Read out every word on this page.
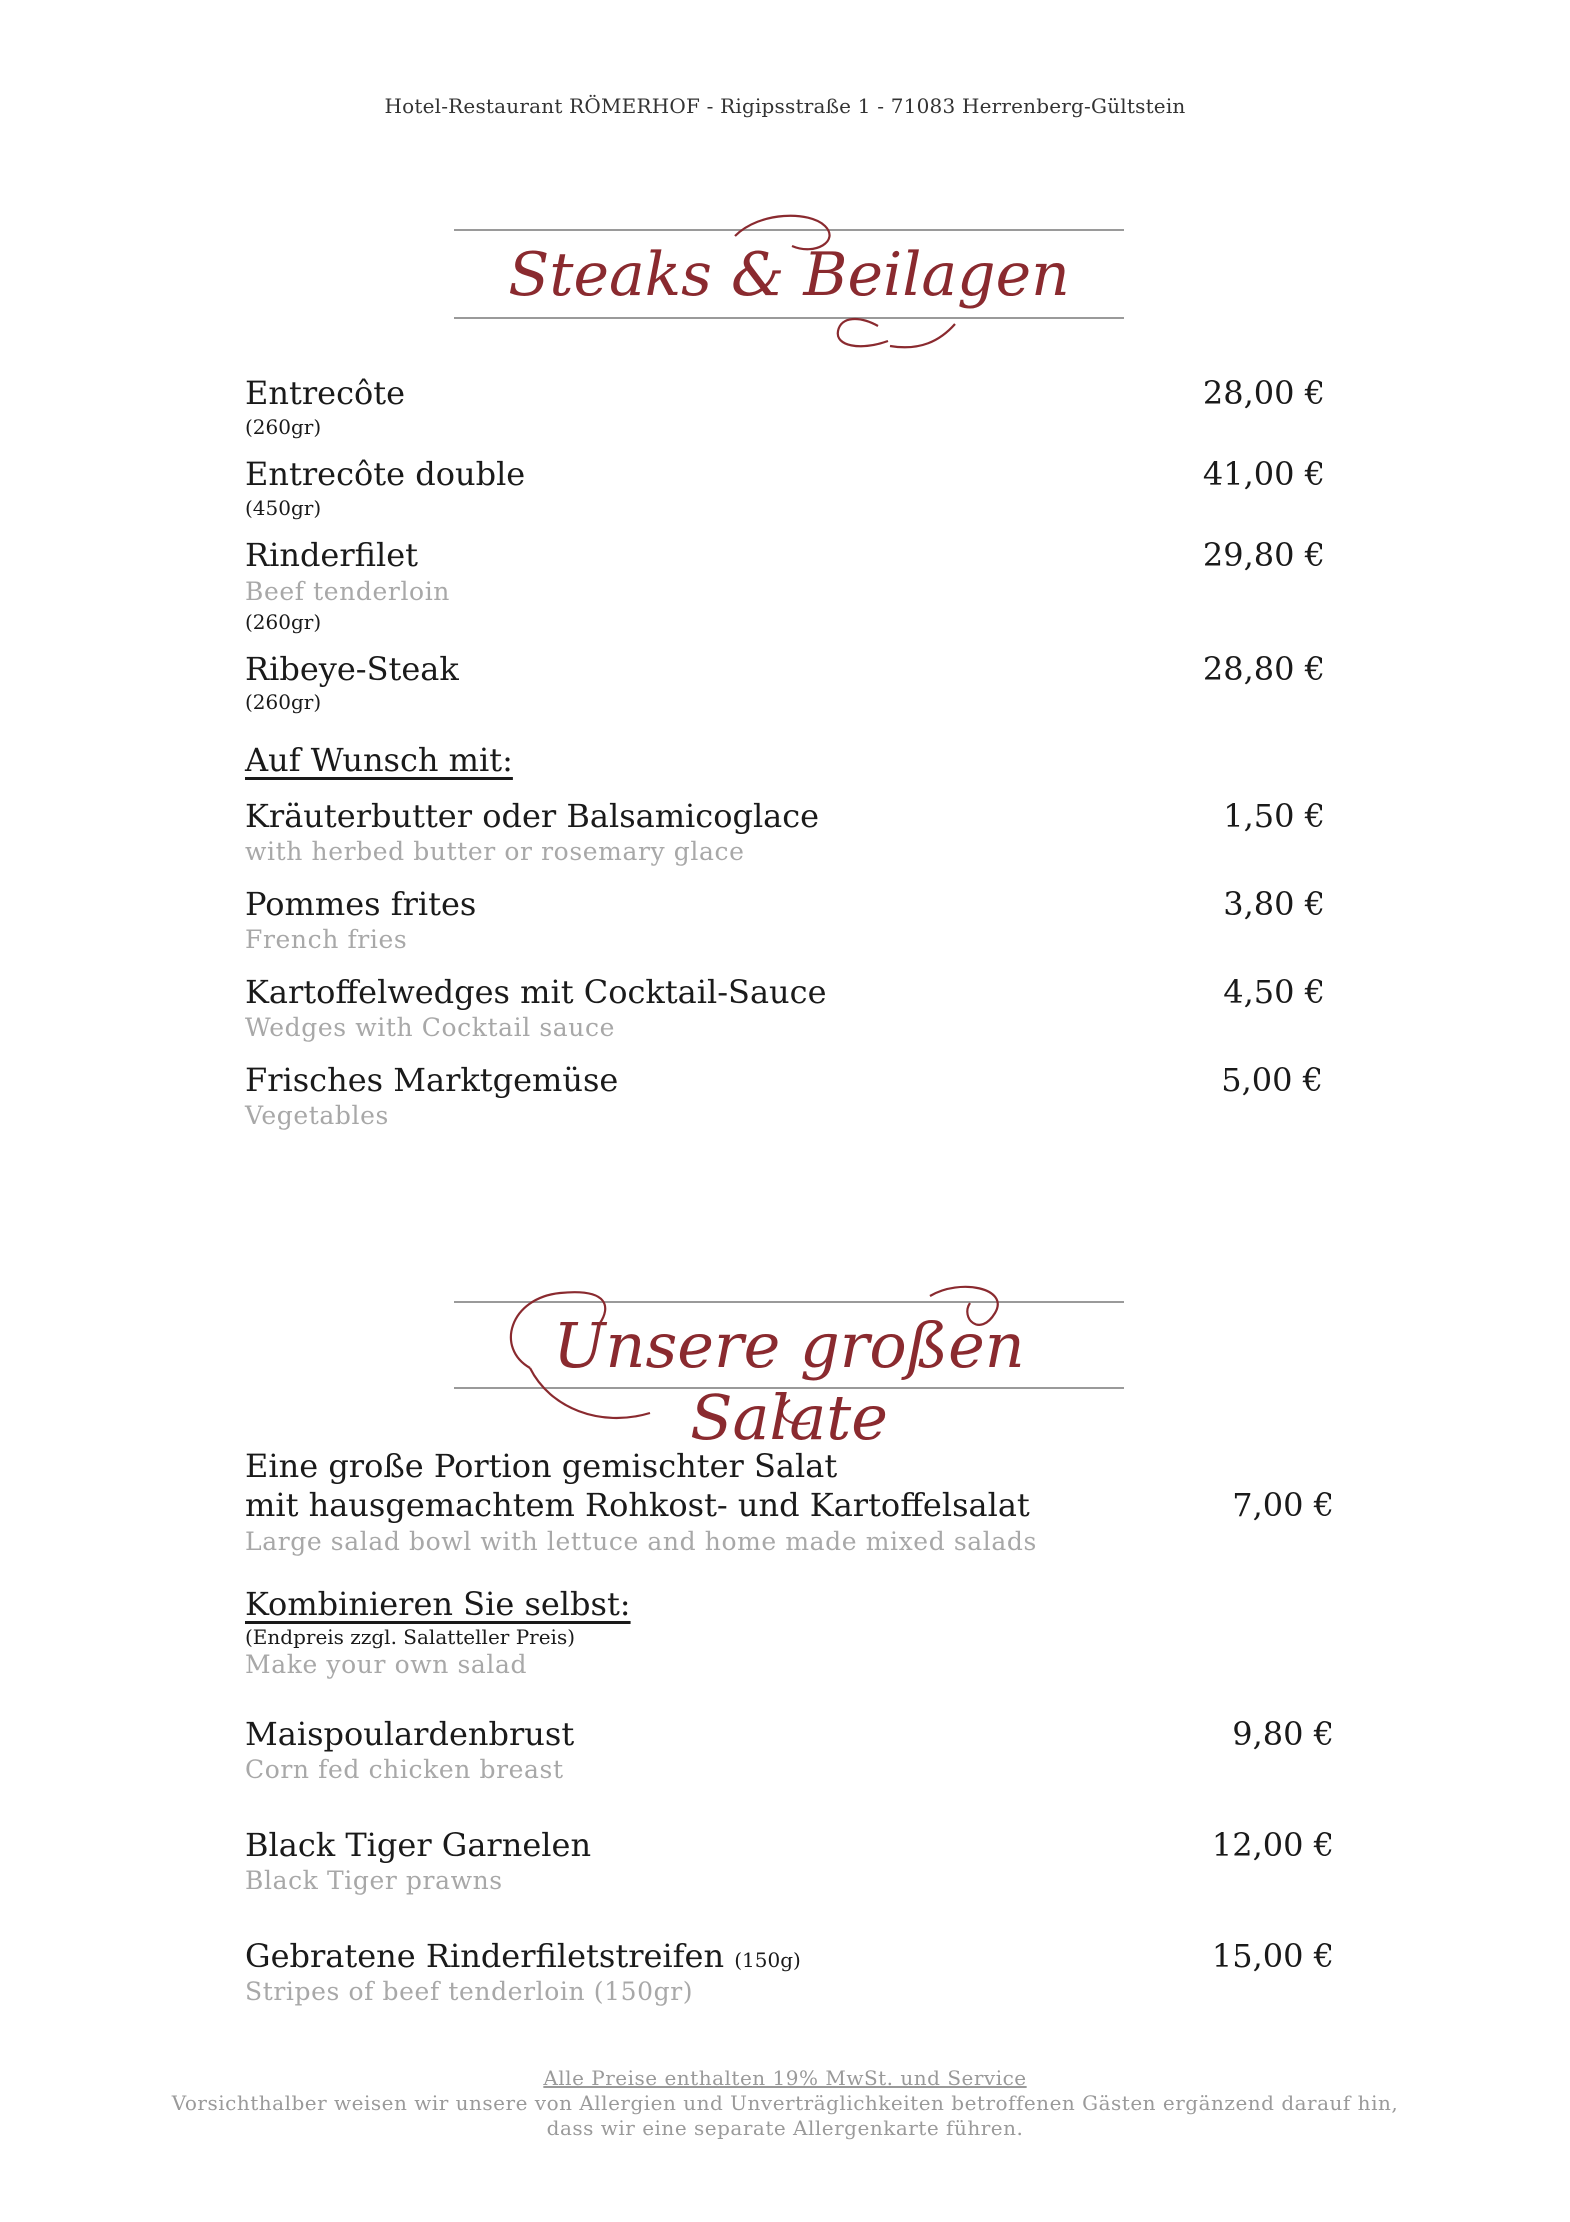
Hotel-Restaurant RÖMERHOF - Rigipsstraße 1 - 71083 Herrenberg-Gültstein
Steaks & Beilagen
Entrecôte
(260gr)
28,00 €
Entrecôte double
(450gr)
41,00 €
Rinderfilet
Beef tenderloin
(260gr)
29,80 €
Ribeye-Steak
(260gr)
28,80 €
Auf Wunsch mit:
Kräuterbutter oder Balsamicoglace
with herbed butter or rosemary glace
1,50 €
Pommes frites
French fries
3,80 €
Kartoffelwedges mit Cocktail-Sauce
Wedges with Cocktail sauce
4,50 €
Frisches Marktgemüse
Vegetables
5,00 €
Unsere großen Salate
Eine große Portion gemischter Salat
mit hausgemachtem Rohkost- und Kartoffelsalat
Large salad bowl with lettuce and home made mixed salads
7,00 €
Kombinieren Sie selbst:
(Endpreis zzgl. Salatteller Preis)
Make your own salad
Maispoulardenbrust
Corn fed chicken breast
9,80 €
Black Tiger Garnelen
Black Tiger prawns
12,00 €
Gebratene Rinderfiletstreifen (150g)
Stripes of beef tenderloin (150gr)
15,00 €
Alle Preise enthalten 19% MwSt. und Service
Vorsichthalber weisen wir unsere von Allergien und Unverträglichkeiten betroffenen Gästen ergänzend darauf hin,
dass wir eine separate Allergenkarte führen.
